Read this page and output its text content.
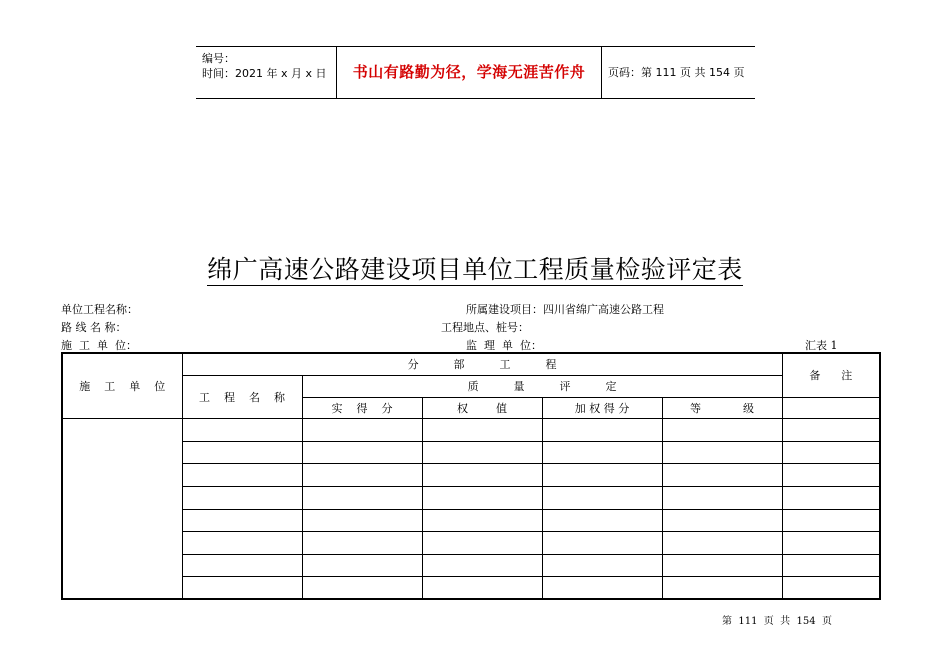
编号：
时间：2021 年 x 月 x 日	书山有路勤为径，学海无涯苦作舟	页码：第 111 页 共 154 页
绵广高速公路建设项目单位工程质量检验评定表
单位工程名称：	所属建设项目：四川省绵广高速公路工程
路 线 名 称：	工程地点、桩号：
施  工  单  位：	监  理  单  位：	汇表 1
施    工    单    位	分          部          工          程					备      注
	工    程    名    称	质          量          评          定				
		实    得    分	权        值	加 权 得 分	等            级	

第  111  页  共  154  页
